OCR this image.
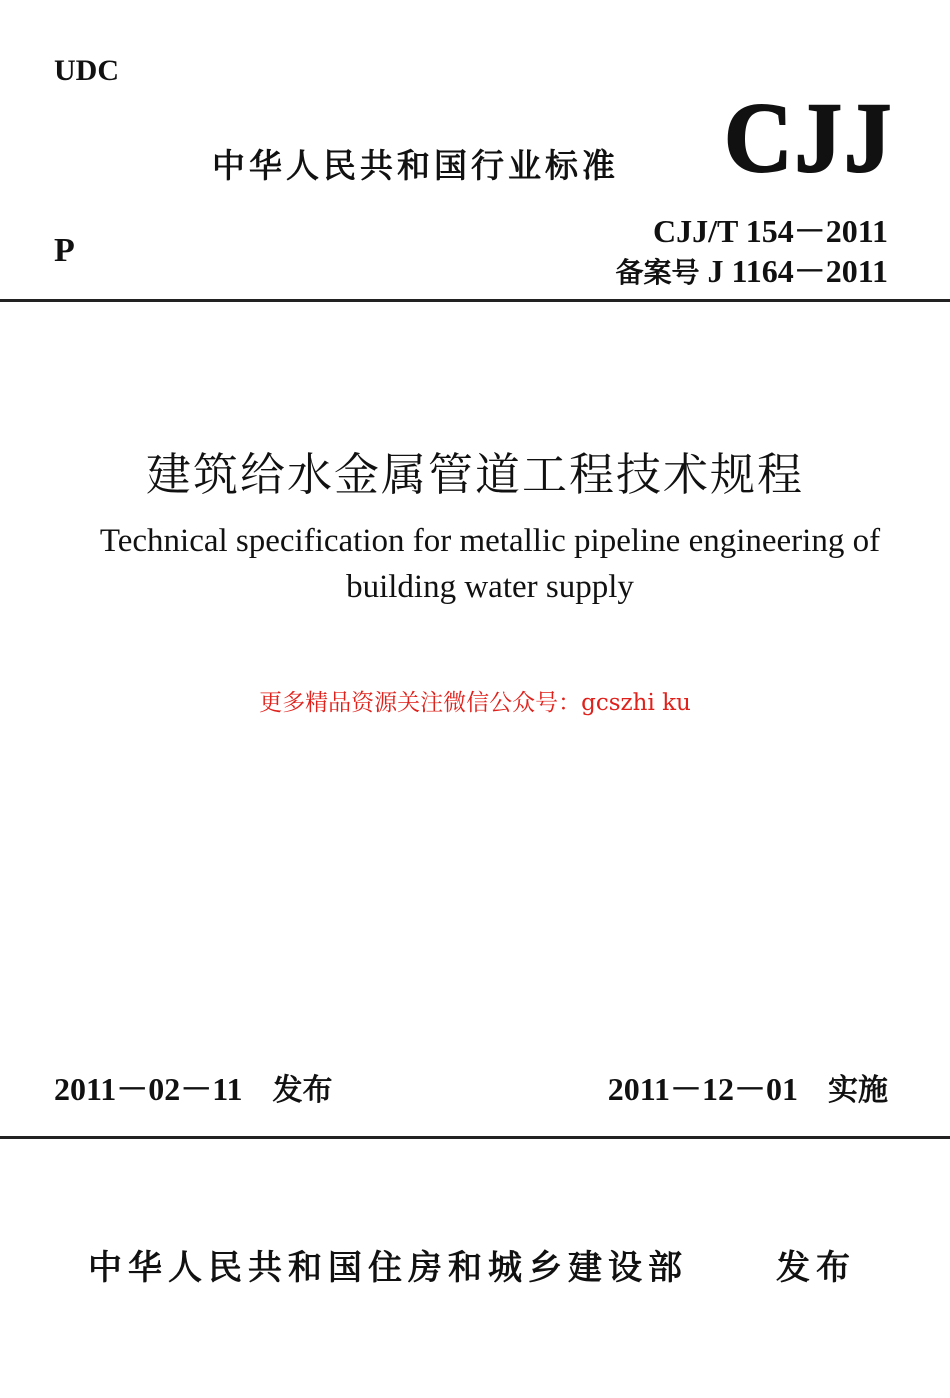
UDC
中华人民共和国行业标准 CJJ
P
CJJ/T 154－2011
备案号 J 1164－2011
建筑给水金属管道工程技术规程
Technical specification for metallic pipeline engineering of
building water supply
更多精品资源关注微信公众号：gcszhi ku
2011－02－11 发布	2011－12－01 实施
中华人民共和国住房和城乡建设部	发布
